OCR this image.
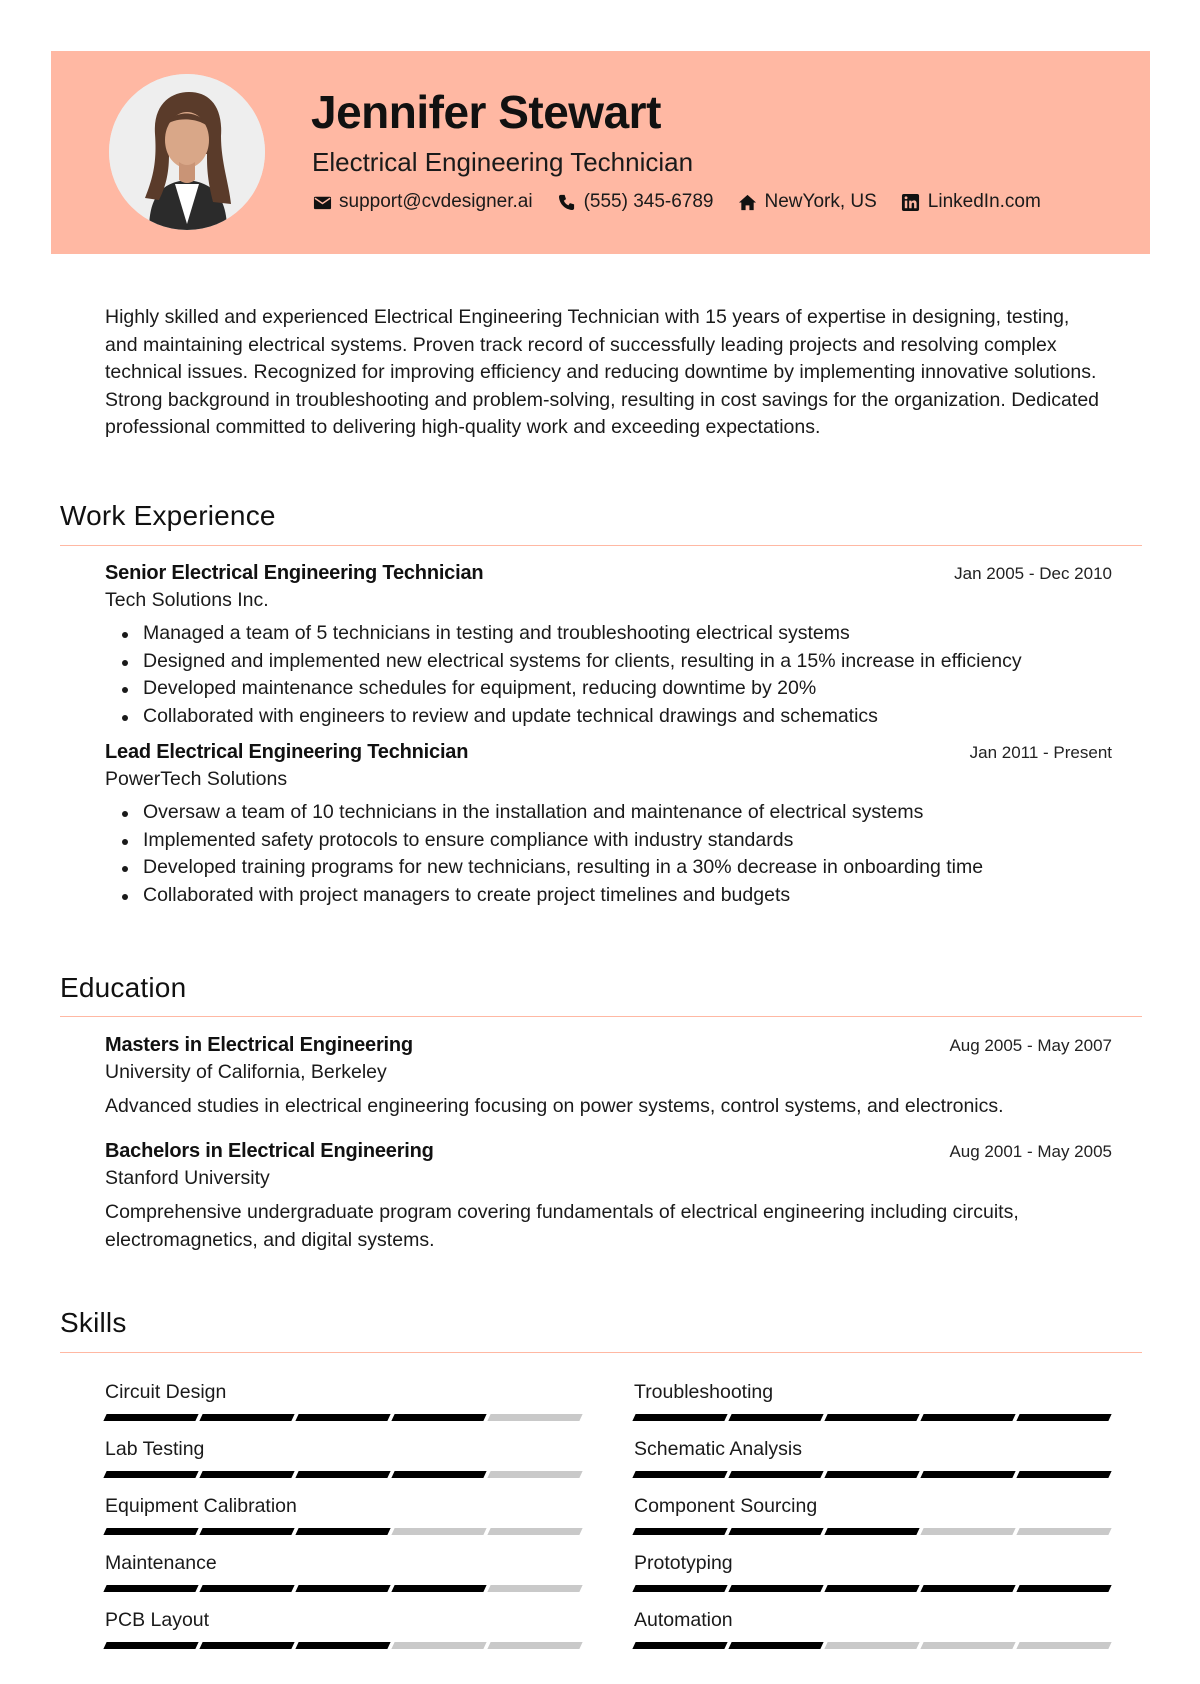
Jennifer Stewart
Electrical Engineering Technician
support@cvdesigner.ai	(555) 345-6789	NewYork, US	LinkedIn.com
Highly skilled and experienced Electrical Engineering Technician with 15 years of expertise in designing, testing, and maintaining electrical systems. Proven track record of successfully leading projects and resolving complex technical issues. Recognized for improving efficiency and reducing downtime by implementing innovative solutions. Strong background in troubleshooting and problem-solving, resulting in cost savings for the organization. Dedicated professional committed to delivering high-quality work and exceeding expectations.
Work Experience
Senior Electrical Engineering Technician	Jan 2005 - Dec 2010
Tech Solutions Inc.
Managed a team of 5 technicians in testing and troubleshooting electrical systems
Designed and implemented new electrical systems for clients, resulting in a 15% increase in efficiency
Developed maintenance schedules for equipment, reducing downtime by 20%
Collaborated with engineers to review and update technical drawings and schematics
Lead Electrical Engineering Technician	Jan 2011 - Present
PowerTech Solutions
Oversaw a team of 10 technicians in the installation and maintenance of electrical systems
Implemented safety protocols to ensure compliance with industry standards
Developed training programs for new technicians, resulting in a 30% decrease in onboarding time
Collaborated with project managers to create project timelines and budgets
Education
Masters in Electrical Engineering	Aug 2005 - May 2007
University of California, Berkeley
Advanced studies in electrical engineering focusing on power systems, control systems, and electronics.
Bachelors in Electrical Engineering	Aug 2001 - May 2005
Stanford University
Comprehensive undergraduate program covering fundamentals of electrical engineering including circuits, electromagnetics, and digital systems.
Skills
Circuit Design	Troubleshooting
Lab Testing	Schematic Analysis
Equipment Calibration	Component Sourcing
Maintenance	Prototyping
PCB Layout	Automation
